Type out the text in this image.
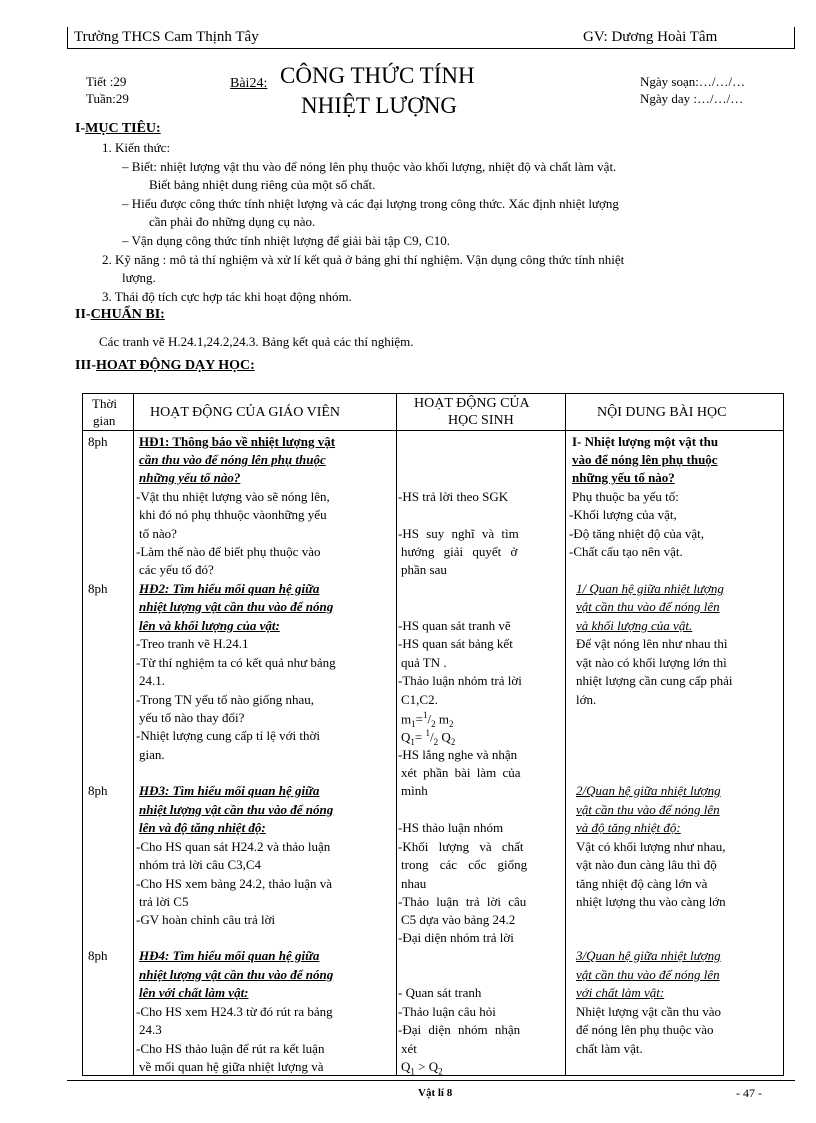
Trường THCS Cam Thịnh Tây	GV: Dương Hoài Tâm
Tiết :29
Tuần:29
Bài24: CÔNG THỨC TÍNH
NHIỆT LƯỢNG
Ngày soạn:…/…/…
Ngày day :…/…/…
I-MỤC TIÊU:
1. Kiến thức:
– Biết: nhiệt lượng vật thu vào để nóng lên phụ thuộc vào khối lượng, nhiệt độ và chất làm vật.
Biết bảng nhiệt dung riêng của một số chất.
– Hiểu được công thức tính nhiệt lượng và các đại lượng trong công thức. Xác định nhiệt lượng
cần phải đo những dụng cụ nào.
– Vận dụng công thức tính nhiệt lượng để giải bài tập C9, C10.
2. Kỹ năng : mô tả thí nghiệm và xử lí kết quả ở bảng ghi thí nghiệm. Vận dụng công thức tính nhiệt
lượng.
3. Thái độ tích cực hợp tác khi hoạt động nhóm.
II-CHUẨN BI:
Các tranh vẽ H.24.1,24.2,24.3. Bảng kết quả các thí nghiệm.
III-HOAT ĐỘNG DẠY HỌC:
Thời
gian
HOẠT ĐỘNG CỦA GIÁO VIÊN
HOẠT ĐỘNG CỦA
HỌC SINH
NỘI DUNG BÀI HỌC
8ph
8ph
8ph
8ph
HĐ1: Thông báo về nhiệt lượng vật
cần thu vào để nóng lên phụ thuộc
những yếu tố nào?
-Vật thu nhiệt lượng vào sẽ nóng lên,
khi đó nó phụ thhuộc vàonhững yếu
tố nào?
-Làm thế nào để biết phụ thuộc vào
các yếu tố đó?
HĐ2: Tìm hiểu mối quan hệ giữa
nhiệt lượng vật cần thu vào để nóng
lên và khối lượng của vật:
-Treo tranh vẽ H.24.1
-Từ thí nghiệm ta có kết quả như bảng
24.1.
-Trong TN yếu tố nào giống nhau,
yếu tố nào thay đổi?
-Nhiệt lượng cung cấp tỉ lệ với thời
gian.
HĐ3: Tìm hiểu mối quan hệ giữa
nhiệt lượng vật cần thu vào để nóng
lên và độ tăng nhiệt độ:
-Cho HS quan sát H24.2 và thảo luận
nhóm trả lời câu C3,C4
-Cho HS xem bảng 24.2, thảo luận và
trả lời C5
-GV hoàn chỉnh câu trả lời
HĐ4: Tìm hiểu mối quan hệ giữa
nhiệt lượng vật cần thu vào để nóng
lên với chất làm vật:
-Cho HS xem H24.3 từ đó rút ra bảng
24.3
-Cho HS thảo luận để rút ra kết luận
về mối quan hệ giữa nhiệt lượng và
-HS trả lời theo SGK
-HS suy nghĩ và tìm
hướng giải quyết ở
phần sau
-HS quan sát tranh vẽ
-HS quan sát bảng kết
quả TN .
-Thảo luận nhóm trả lời
C1,C2.
$m_1=^1/_2$ $m_2$
$Q_1= ^1/_2$ $Q_2$
-HS lắng nghe và nhận
xét phần bài làm của
mình
-HS thảo luận nhóm
-Khối lượng và chất
trong các cốc giống
nhau
-Thảo luận trả lời câu
C5 dựa vào bảng 24.2
-Đại diện nhóm trả lời
- Quan sát tranh
-Thảo luận câu hỏi
-Đại diện nhóm nhận
xét
$Q_1 > Q_2$
I- Nhiệt lượng một vật thu
vào để nóng lên phụ thuộc
những yếu tố nào?
Phụ thuộc ba yếu tố:
-Khối lượng của vật,
-Độ tăng nhiệt độ của vật,
-Chất cấu tạo nên vật.
1/ Quan hệ giữa nhiệt lượng
vật cần thu vào để nóng lên
và khối lượng của vật.
Để vật nóng lên như nhau thì
vật nào có khối lượng lớn thì
nhiệt lượng cần cung cấp phải
lớn.
2/Quan hệ giữa nhiệt lượng
vật cần thu vào để nóng lên
và độ tăng nhiệt độ:
Vật có khối lượng như nhau,
vật nào đun càng lâu thì độ
tăng nhiệt độ càng lớn và
nhiệt lượng thu vào càng lớn
3/Quan hệ giữa nhiệt lượng
vật cần thu vào để nóng lên
với chất làm vật:
Nhiệt lượng vật cần thu vào
để nóng lên phụ thuộc vào
chất làm vật.
Vật lí 8	- 47 -
